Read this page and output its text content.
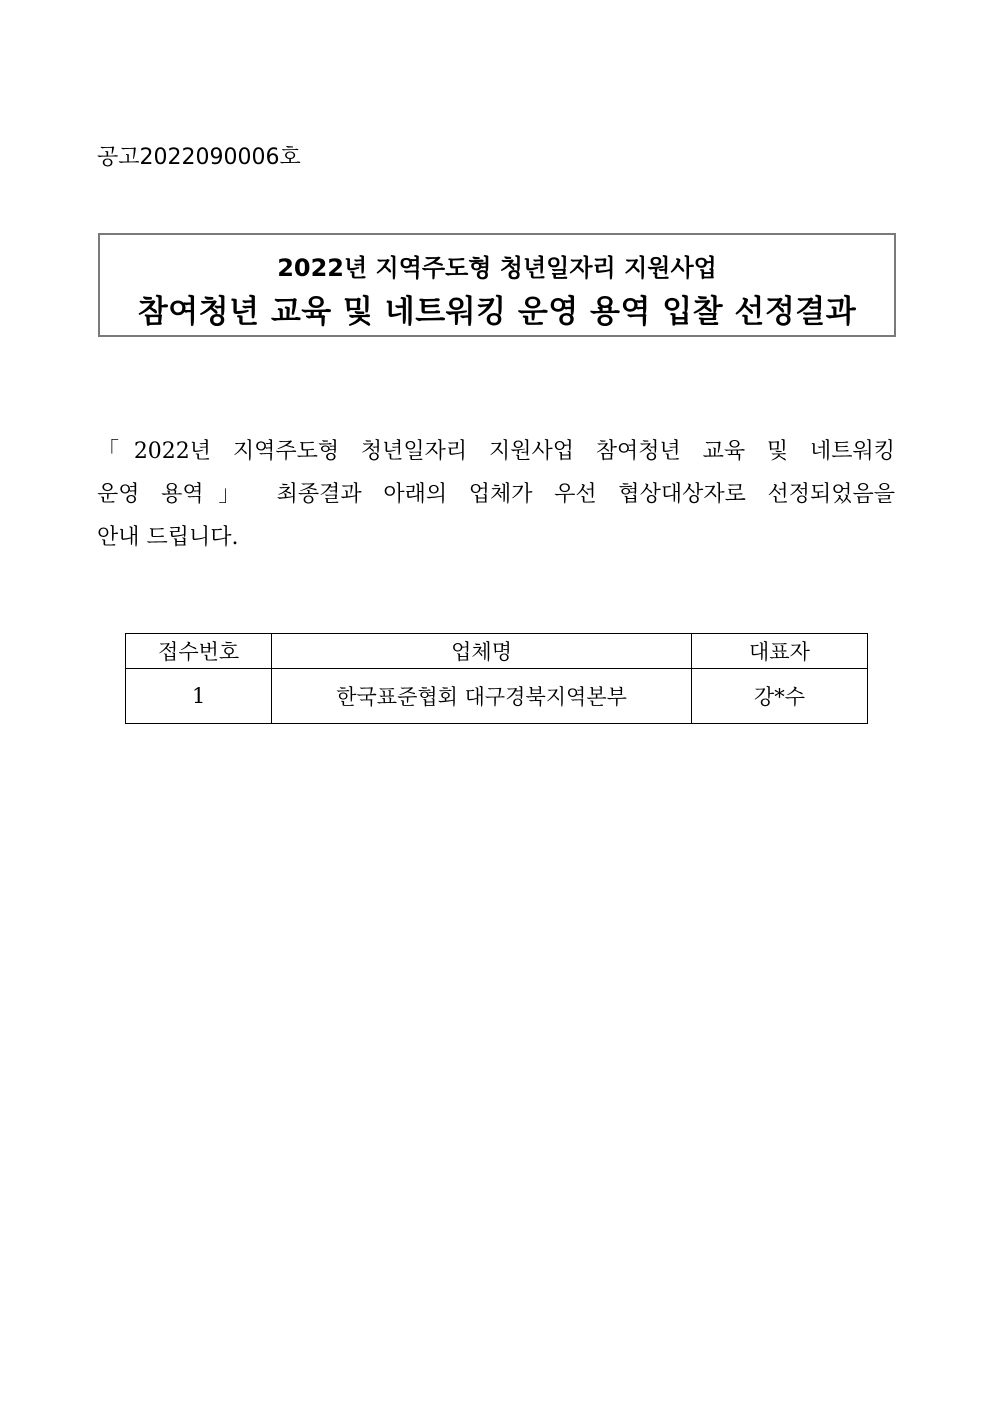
공고2022090006호
2022년 지역주도형 청년일자리 지원사업
참여청년 교육 및 네트워킹 운영 용역 입찰 선정결과
「2022년 지역주도형 청년일자리 지원사업 참여청년 교육 및 네트워킹
운영 용역」 최종결과 아래의 업체가 우선 협상대상자로 선정되었음을
안내 드립니다.
접수번호	업체명	대표자
1	한국표준협회 대구경북지역본부	강*수
